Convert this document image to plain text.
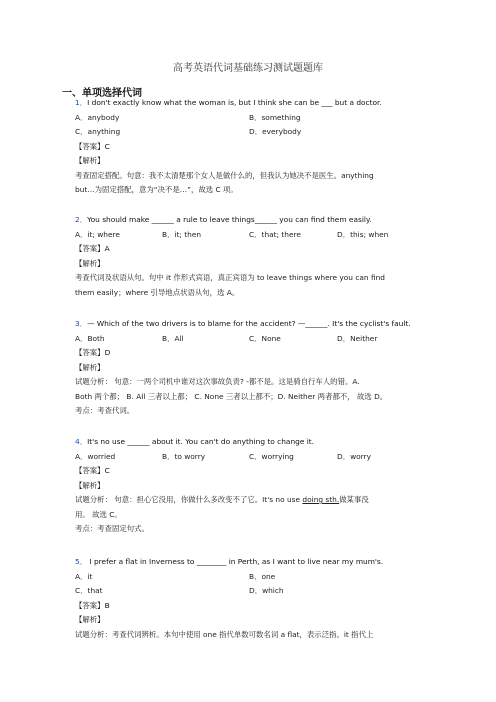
高考英语代词基础练习测试题题库
一、单项选择代词
1．I don't exactly know what the woman is, but I think she can be ___ but a doctor.
A．anybody	B．something
C．anything	D．everybody
【答案】C
【解析】
考查固定搭配。句意：我不太清楚那个女人是做什么的，但我认为她决不是医生。anything
but…为固定搭配，意为“决不是…”，故选 C 项。
2．You should make ______ a rule to leave things______ you can find them easily.
A．it; where	B．it; then	C．that; there	D．this; when
【答案】A
【解析】
考查代词及状语从句。句中 it 作形式宾语，真正宾语为 to leave things where you can find
them easily；where 引导地点状语从句，选 A。
3．— Which of the two drivers is to blame for the accident? —______. It's the cyclist's fault.
A．Both	B．All	C．None	D．Neither
【答案】D
【解析】
试题分析： 句意：一两个司机中谁对这次事故负责? -都不是。这是骑自行车人的错。A.
Both 两个都； B. All 三者以上都； C. None 三者以上都不；D. Neither 两者都不， 故选 D。
考点：考查代词。
4．It's no use ______ about it. You can't do anything to change it.
A．worried	B．to worry	C．worrying	D．worry
【答案】C
【解析】
试题分析： 句意：担心它没用，你做什么多改变不了它。It's no use doing sth.做某事没
用。 故选 C。
考点：考查固定句式。
5． I prefer a flat in Inverness to ________ in Perth, as I want to live near my mum's.
A．it	B．one
C．that	D．which
【答案】B
【解析】
试题分析：考查代词辨析。本句中使用 one 指代单数可数名词 a flat，表示泛指。it 指代上
